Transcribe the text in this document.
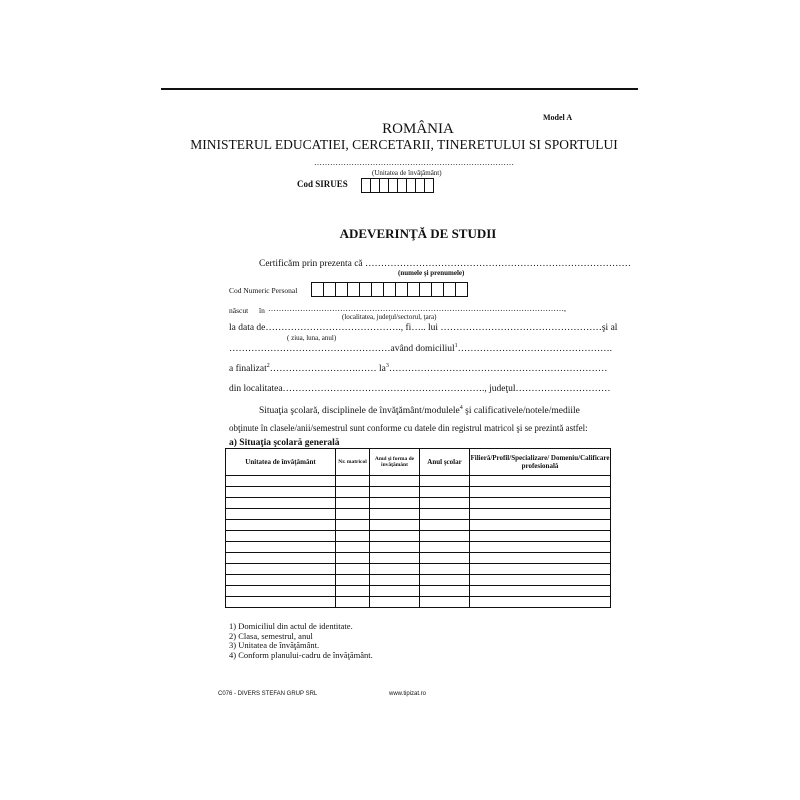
Model A
ROMÂNIA
MINISTERUL EDUCATIEI, CERCETARII, TINERETULUI SI SPORTULUI
…………………………………………………………………
(Unitatea de învăţământ)
Cod SIRUES
ADEVERINŢĂ DE STUDII
Certificăm prin prezenta că …………………………………………………………………………
(numele şi prenumele)
Cod Numeric Personal
născut în …………………………………………………………………………………………………,
(localitatea, judeţul/sectorul, ţara)
la data de……………………………………., fi….. lui ……………………………………………şi al
( ziua, luna, anul)
……………………………………………avȃnd domiciliul$^1$………………………………………….
a finalizat$^2$……………………….…… $la^3\dots\dots\dots\dots\dots\dots\dots\dots\dots\dots\dots\dots\dots\dots\dots\dots\dots\dots\dots\dots\dots\dots\dots$
din localitatea………………………………………………………., judeţul…………………………
Situaţia şcolară, disciplinele de învăţământ/modulele$^4$ şi calificativele/notele/mediile
obţinute în clasele/anii/semestrul sunt conforme cu datele din registrul matricol şi se prezintă astfel:
a) Situaţia şcolară generală
Unitatea de învăţământ	Nr. matricol	Anul şi forma de învăţământ	Anul şcolar	Filieră/Profil/Specializare/ Domeniu/Calificare profesională

1) Domiciliul din actul de identitate.
2) Clasa, semestrul, anul
3) Unitatea de învăţământ.
4) Conform planului-cadru de învăţământ.
C076 - DIVERS STEFAN GRUP SRL	www.tipizat.ro
